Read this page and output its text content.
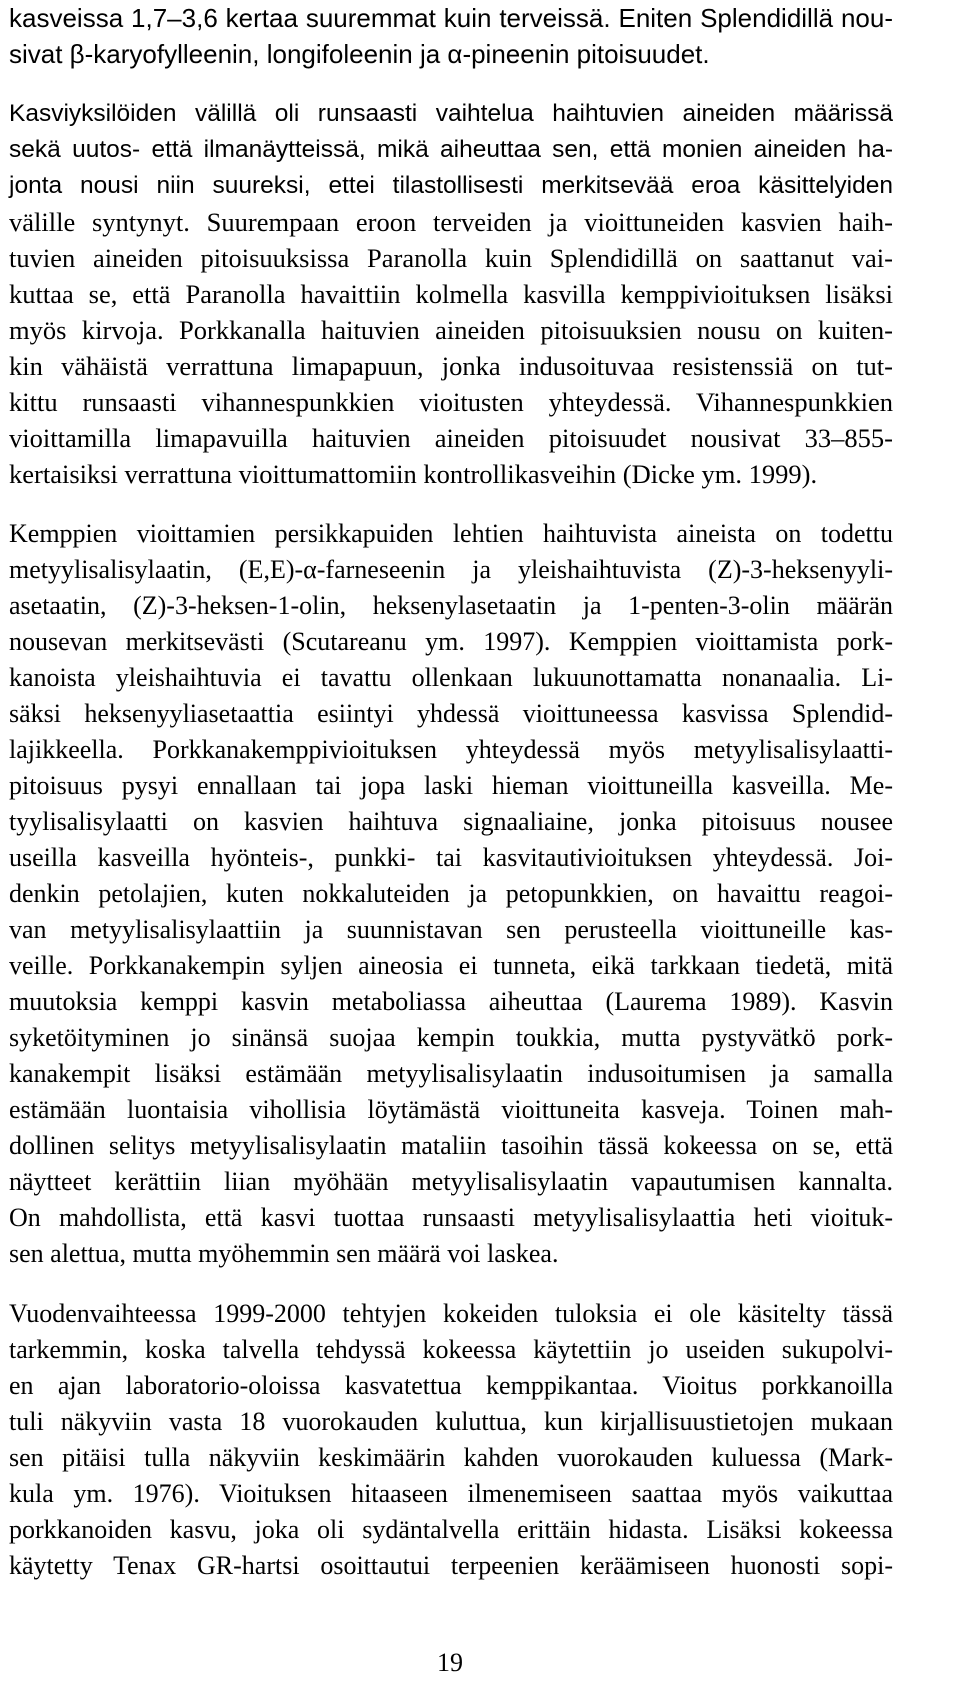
kasveissa 1,7–3,6 kertaa suuremmat kuin terveissä. Eniten Splendidillä nou-
sivat β-karyofylleenin, longifoleenin ja α-pineenin pitoisuudet.
Kasviyksilöiden välillä oli runsaasti vaihtelua haihtuvien aineiden määrissä
sekä uutos- että ilmanäytteissä, mikä aiheuttaa sen, että monien aineiden ha-
jonta nousi niin suureksi, ettei tilastollisesti merkitsevää eroa käsittelyiden
välille syntynyt. Suurempaan eroon terveiden ja vioittuneiden kasvien haih-
tuvien aineiden pitoisuuksissa Paranolla kuin Splendidillä on saattanut vai-
kuttaa se, että Paranolla havaittiin kolmella kasvilla kemppivioituksen lisäksi
myös kirvoja. Porkkanalla haituvien aineiden pitoisuuksien nousu on kuiten-
kin vähäistä verrattuna limapapuun, jonka indusoituvaa resistenssiä on tut-
kittu runsaasti vihannespunkkien vioitusten yhteydessä. Vihannespunkkien
vioittamilla limapavuilla haituvien aineiden pitoisuudet nousivat 33–855-
kertaisiksi verrattuna vioittumattomiin kontrollikasveihin (Dicke ym. 1999).
Kemppien vioittamien persikkapuiden lehtien haihtuvista aineista on todettu
metyylisalisylaatin, (E,E)-α-farneseenin ja yleishaihtuvista (Z)-3-heksenyyli-
asetaatin, (Z)-3-heksen-1-olin, heksenylasetaatin ja 1-penten-3-olin määrän
nousevan merkitsevästi (Scutareanu ym. 1997). Kemppien vioittamista pork-
kanoista yleishaihtuvia ei tavattu ollenkaan lukuunottamatta nonanaalia. Li-
säksi heksenyyliasetaattia esiintyi yhdessä vioittuneessa kasvissa Splendid-
lajikkeella. Porkkanakemppivioituksen yhteydessä myös metyylisalisylaatti-
pitoisuus pysyi ennallaan tai jopa laski hieman vioittuneilla kasveilla. Me-
tyylisalisylaatti on kasvien haihtuva signaaliaine, jonka pitoisuus nousee
useilla kasveilla hyönteis-, punkki- tai kasvitautivioituksen yhteydessä. Joi-
denkin petolajien, kuten nokkaluteiden ja petopunkkien, on havaittu reagoi-
van metyylisalisylaattiin ja suunnistavan sen perusteella vioittuneille kas-
veille. Porkkanakempin syljen aineosia ei tunneta, eikä tarkkaan tiedetä, mitä
muutoksia kemppi kasvin metaboliassa aiheuttaa (Laurema 1989). Kasvin
syketöityminen jo sinänsä suojaa kempin toukkia, mutta pystyvätkö pork-
kanakempit lisäksi estämään metyylisalisylaatin indusoitumisen ja samalla
estämään luontaisia vihollisia löytämästä vioittuneita kasveja. Toinen mah-
dollinen selitys metyylisalisylaatin mataliin tasoihin tässä kokeessa on se, että
näytteet kerättiin liian myöhään metyylisalisylaatin vapautumisen kannalta.
On mahdollista, että kasvi tuottaa runsaasti metyylisalisylaattia heti vioituk-
sen alettua, mutta myöhemmin sen määrä voi laskea.
Vuodenvaihteessa 1999-2000 tehtyjen kokeiden tuloksia ei ole käsitelty tässä
tarkemmin, koska talvella tehdyssä kokeessa käytettiin jo useiden sukupolvi-
en ajan laboratorio-oloissa kasvatettua kemppikantaa. Vioitus porkkanoilla
tuli näkyviin vasta 18 vuorokauden kuluttua, kun kirjallisuustietojen mukaan
sen pitäisi tulla näkyviin keskimäärin kahden vuorokauden kuluessa (Mark-
kula ym. 1976). Vioituksen hitaaseen ilmenemiseen saattaa myös vaikuttaa
porkkanoiden kasvu, joka oli sydäntalvella erittäin hidasta. Lisäksi kokeessa
käytetty Tenax GR-hartsi osoittautui terpeenien keräämiseen huonosti sopi-
19
